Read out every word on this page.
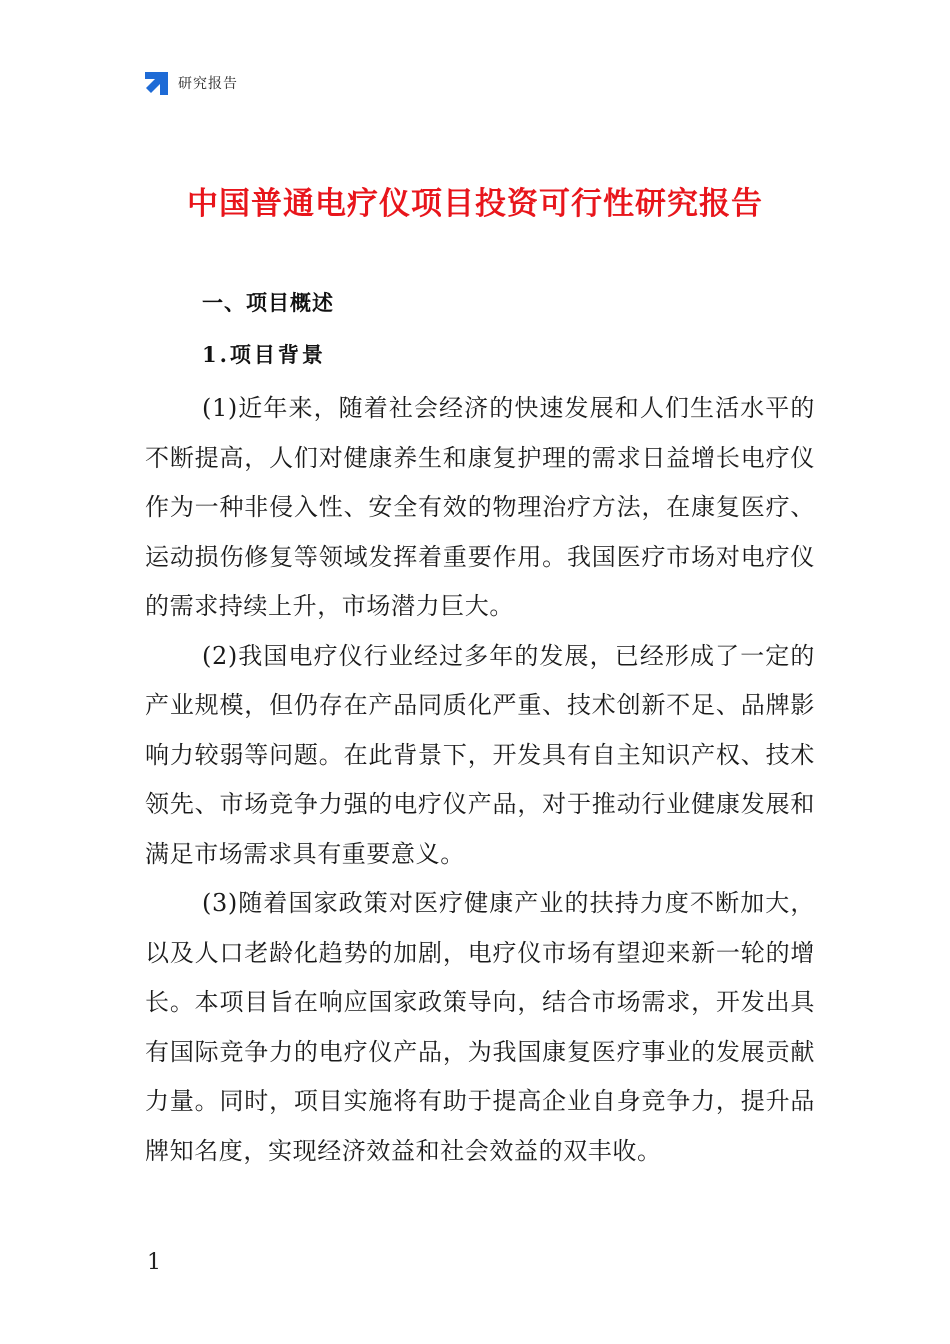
研究报告
中国普通电疗仪项目投资可行性研究报告
一、项目概述
1.项目背景

(1)近年来，随着社会经济的快速发展和人们生活水平的不断提高，人们对健康养生和康复护理的需求日益增长电疗仪作为一种非侵入性、安全有效的物理治疗方法，在康复医疗、运动损伤修复等领域发挥着重要作用。我国医疗市场对电疗仪的需求持续上升，市场潜力巨大。

(2)我国电疗仪行业经过多年的发展，已经形成了一定的产业规模，但仍存在产品同质化严重、技术创新不足、品牌影响力较弱等问题。在此背景下，开发具有自主知识产权、技术领先、市场竞争力强的电疗仪产品，对于推动行业健康发展和满足市场需求具有重要意义。

(3)随着国家政策对医疗健康产业的扶持力度不断加大，以及人口老龄化趋势的加剧，电疗仪市场有望迎来新一轮的增长。本项目旨在响应国家政策导向，结合市场需求，开发出具有国际竞争力的电疗仪产品，为我国康复医疗事业的发展贡献力量。同时，项目实施将有助于提高企业自身竞争力，提升品牌知名度，实现经济效益和社会效益的双丰收。

1
